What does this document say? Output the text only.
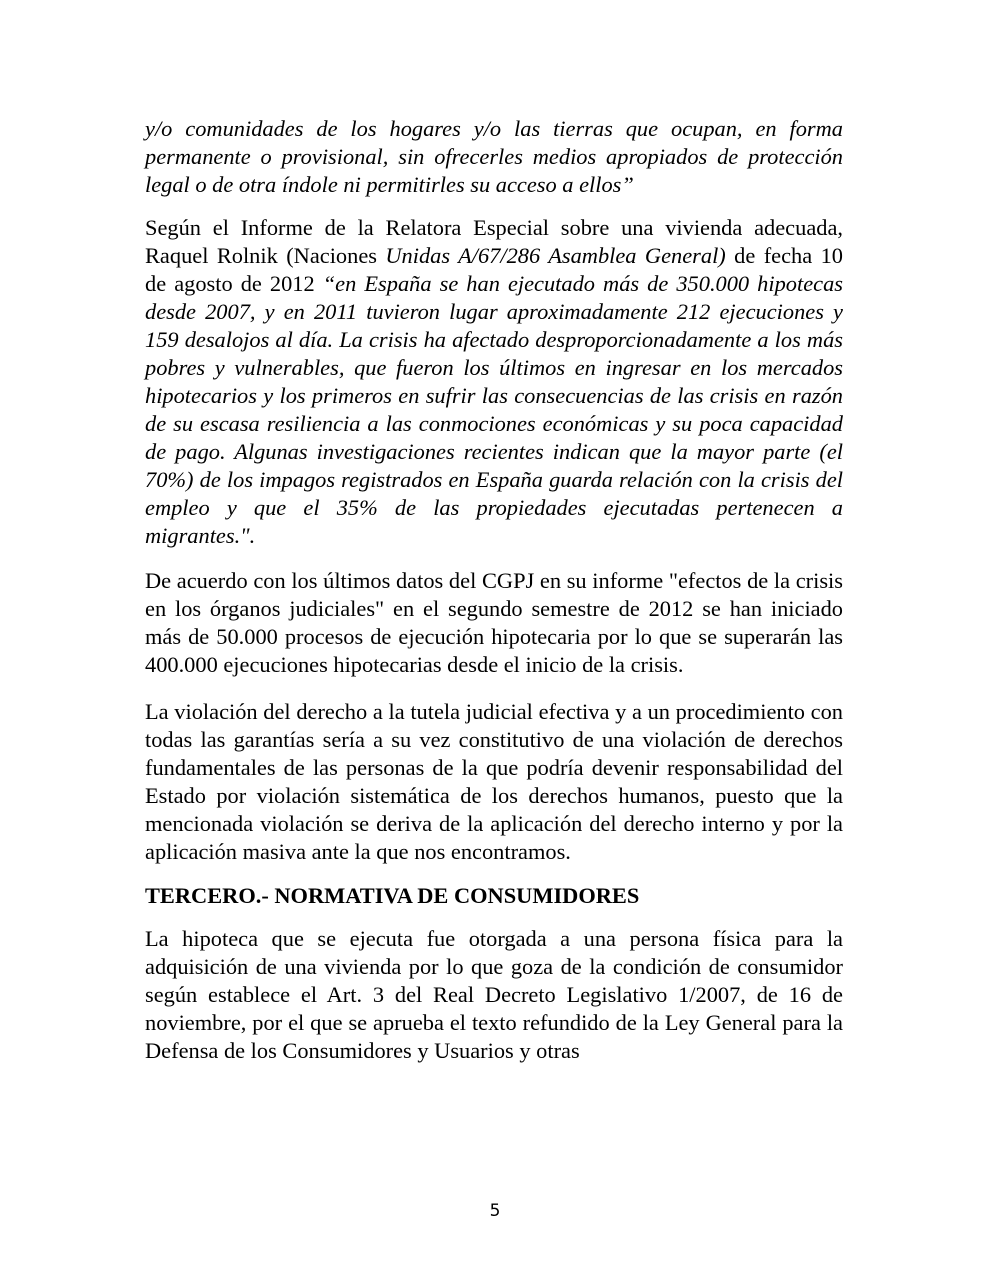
y/o comunidades de los hogares y/o las tierras que ocupan, en forma permanente o provisional, sin ofrecerles medios apropiados de protección legal o de otra índole ni permitirles su acceso a ellos”

Según el Informe de la Relatora Especial sobre una vivienda adecuada, Raquel Rolnik (Naciones Unidas A/67/286 Asamblea General) de fecha 10 de agosto de 2012 “en España se han ejecutado más de 350.000 hipotecas desde 2007, y en 2011 tuvieron lugar aproximadamente 212 ejecuciones y 159 desalojos al día. La crisis ha afectado desproporcionadamente a los más pobres y vulnerables, que fueron los últimos en ingresar en los mercados hipotecarios y los primeros en sufrir las consecuencias de las crisis en razón de su escasa resiliencia a las conmociones económicas y su poca capacidad de pago. Algunas investigaciones recientes indican que la mayor parte (el 70%) de los impagos registrados en España guarda relación con la crisis del empleo y que el 35% de las propiedades ejecutadas pertenecen a migrantes.".

De acuerdo con los últimos datos del CGPJ en su informe "efectos de la crisis en los órganos judiciales" en el segundo semestre de 2012 se han iniciado más de 50.000 procesos de ejecución hipotecaria por lo que se superarán las 400.000 ejecuciones hipotecarias desde el inicio de la crisis.

La violación del derecho a la tutela judicial efectiva y a un procedimiento con todas las garantías sería a su vez constitutivo de una violación de derechos fundamentales de las personas de la que podría devenir responsabilidad del Estado por violación sistemática de los derechos humanos, puesto que la mencionada violación se deriva de la aplicación del derecho interno y por la aplicación masiva ante la que nos encontramos.

TERCERO.- NORMATIVA DE CONSUMIDORES

La hipoteca que se ejecuta fue otorgada a una persona física para la adquisición de una vivienda por lo que goza de la condición de consumidor según establece el Art. 3 del Real Decreto Legislativo 1/2007, de 16 de noviembre, por el que se aprueba el texto refundido de la Ley General para la Defensa de los Consumidores y Usuarios y otras

5
